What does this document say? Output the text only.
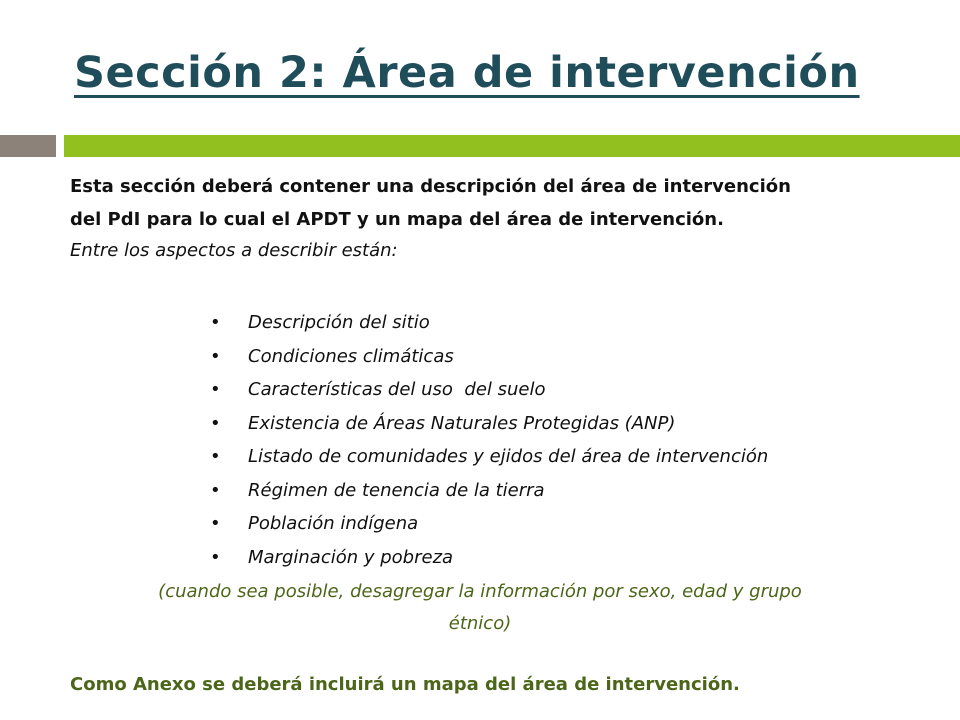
Sección 2: Área de intervención

Esta sección deberá contener una descripción del área de intervención

del PdI para lo cual el APDT y un mapa del área de intervención.

Entre los aspectos a describir están:

• Descripción del sitio
• Condiciones climáticas
• Características del uso  del suelo
• Existencia de Áreas Naturales Protegidas (ANP)
• Listado de comunidades y ejidos del área de intervención
• Régimen de tenencia de la tierra
• Población indígena
• Marginación y pobreza
(cuando sea posible, desagregar la información por sexo, edad y grupo
étnico)

Como Anexo se deberá incluirá un mapa del área de intervención.
